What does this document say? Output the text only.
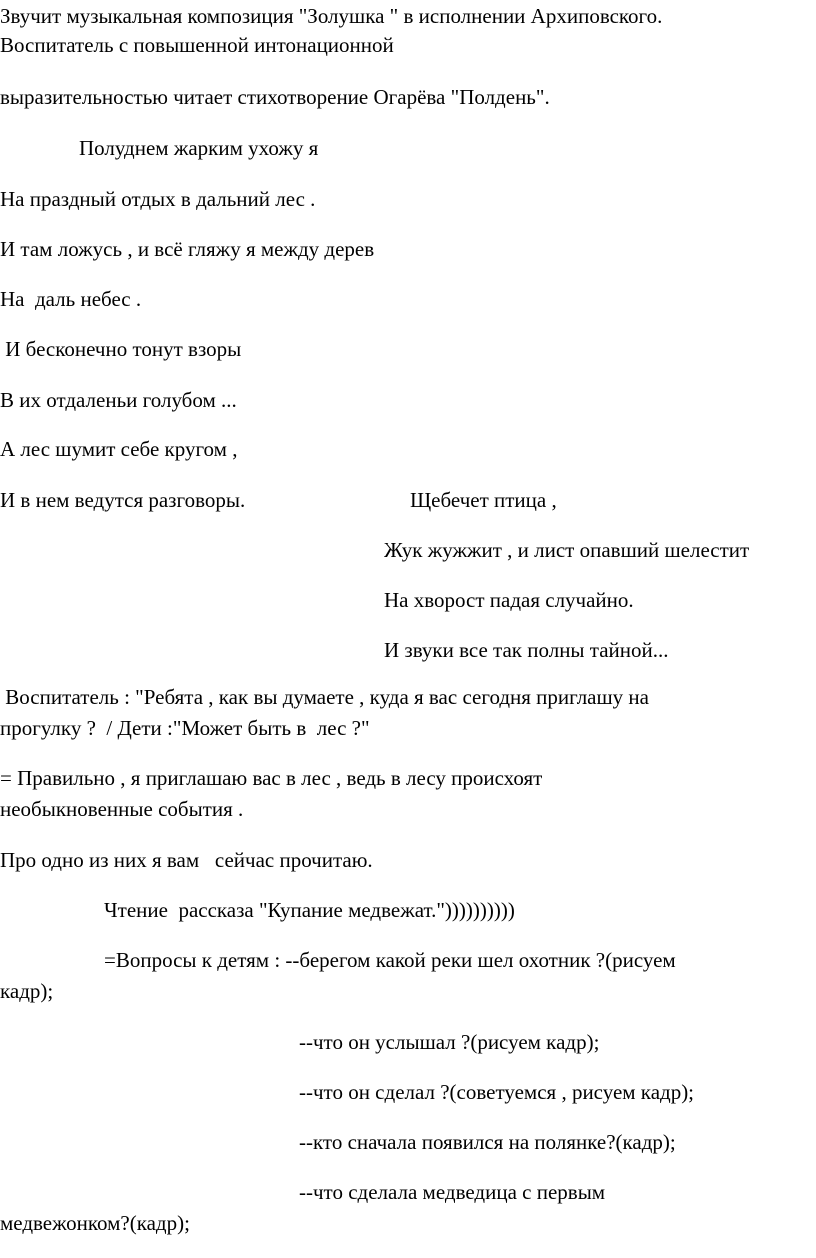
Звучит музыкальная композиция "Золушка " в исполнении Архиповского.
Воспитатель с повышенной интонационной
выразительностью читает стихотворение Огарёва "Полдень".
Полуднем жарким ухожу я
На праздный отдых в дальний лес .
И там ложусь , и всё гляжу я между дерев
На  даль небес .
И бесконечно тонут взоры
В их отдаленьи голубом ...
А лес шумит себе кругом ,
И в нем ведутся разговоры.	Щебечет птица ,
Жук жужжит , и лист опавший шелестит
На хворост падая случайно.
И звуки все так полны тайной...
Воспитатель : "Ребята , как вы думаете , куда я вас сегодня приглашу на
прогулку ?  / Дети :"Может быть в  лес ?"
= Правильно , я приглашаю вас в лес , ведь в лесу происхоят
необыкновенные события .
Про одно из них я вам   сейчас прочитаю.
Чтение  рассказа "Купание медвежат."))))))))))
=Вопросы к детям : --берегом какой реки шел охотник ?(рисуем
кадр);
--что он услышал ?(рисуем кадр);
--что он сделал ?(советуемся , рисуем кадр);
--кто сначала появился на полянке?(кадр);
--что сделала медведица с первым
медвежонком?(кадр);
